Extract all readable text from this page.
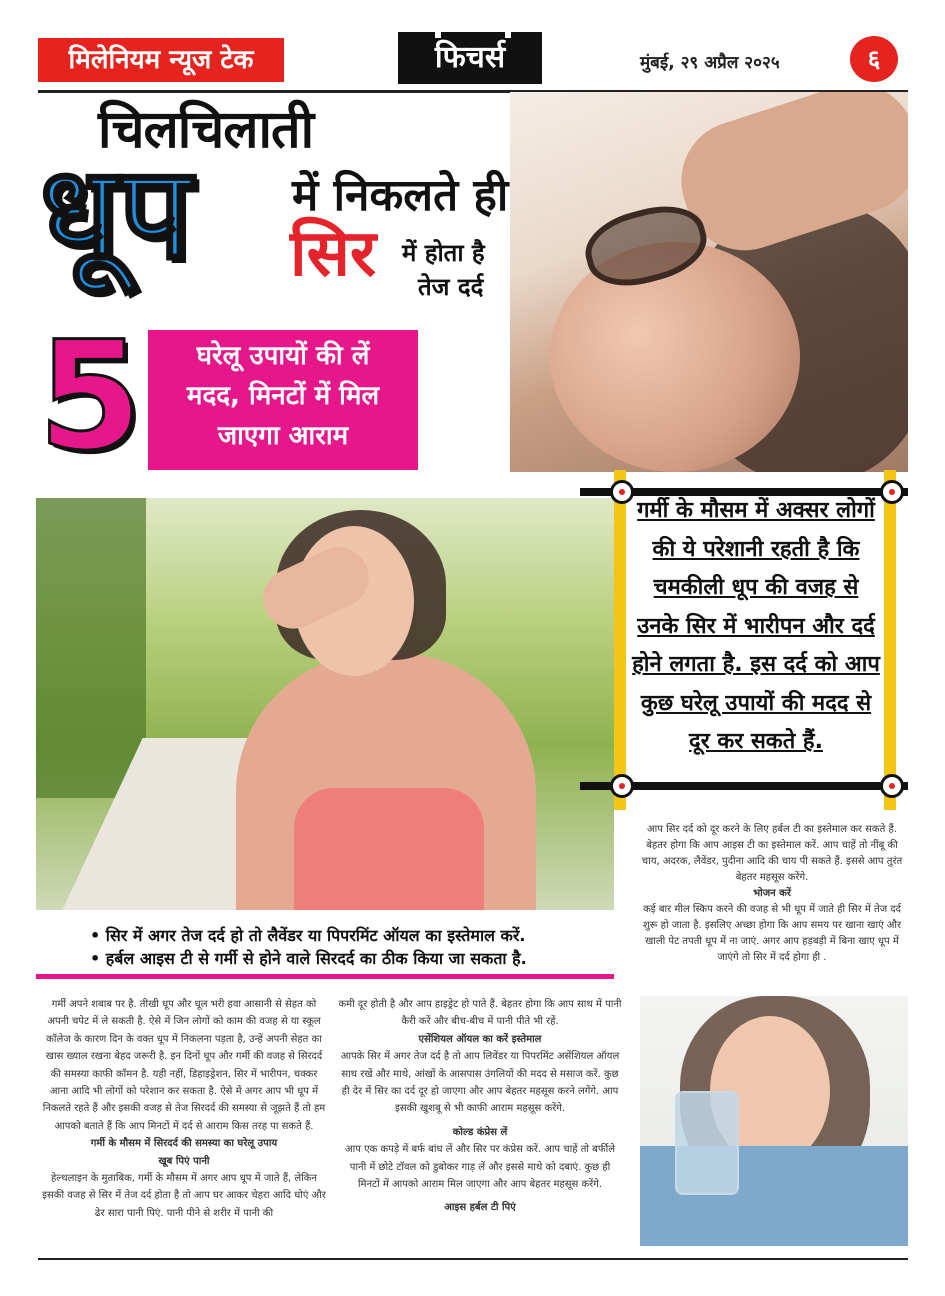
मिलेनियम न्यूज टेक	फिचर्स	मुंबई, २९ अप्रैल २०२५	६
चिलचिलाती
धूप में निकलते ही
सिर में होता है
तेज दर्द
5	घरेलू उपायों की लें
मदद, मिनटों में मिल
जाएगा आराम
गर्मी के मौसम में अक्सर लोगों की ये परेशानी रहती है कि चमकीली धूप की वजह से उनके सिर में भारीपन और दर्द होने लगता है. इस दर्द को आप कुछ घरेलू उपायों की मदद से दूर कर सकते हैं.

आप सिर दर्द को दूर करने के लिए हर्बल टी का इस्तेमाल कर सकते हैं. बेहतर होगा कि आप आइस टी का इस्तेमाल करें. आप चाहें तो नींबू की चाय, अदरक, लैवेंडर, पुदीना आदि की चाय पी सकते हैं. इससे आप तुरंत बेहतर महसूस करेंगे.

भोजन करें

कई बार मील स्किप करने की वजह से भी धूप में जाते ही सिर में तेज दर्द शुरू हो जाता है. इसलिए अच्छा होगा कि आप समय पर खाना खाएं और खाली पेट तपती धूप में ना जाएं. अगर आप हड़बड़ी में बिना खाए धूप में जाएंगे तो सिर में दर्द होगा ही .

• सिर में अगर तेज दर्द हो तो लैवेंडर या पिपरमिंट ऑयल का इस्तेमाल करें.

• हर्बल आइस टी से गर्मी से होने वाले सिरदर्द का ठीक किया जा सकता है.

गर्मी अपने शबाब पर है. तीखी धूप और धूल भरी हवा आसानी से सेहत को अपनी चपेट में ले सकती है. ऐसे में जिन लोगों को काम की वजह से या स्कूल कॉलेज के कारण दिन के वक्त धूप में निकलना पड़ता है, उन्हें अपनी सेहत का खास ख्याल रखना बेहद जरूरी है. इन दिनों धूप और गर्मी की वजह से सिरदर्द की समस्या काफी कॉमन है. यही नहीं, डिहाइड्रेशन, सिर में भारीपन, चक्कर आना आदि भी लोगों को परेशान कर सकता है. ऐसे में अगर आप भी धूप में निकलते रहते हैं और इसकी वजह से तेज सिरदर्द की समस्या से जूझते हैं तो हम आपको बताते हैं कि आप मिनटों में दर्द से आराम किस तरह पा सकते हैं.

गर्मी के मौसम में सिरदर्द की समस्या का घरेलू उपाय

खूब पिएं पानी

हेल्थलाइन के मुताबिक, गर्मी के मौसम में अगर आप धूप में जाते हैं, लेकिन इसकी वजह से सिर में तेज दर्द होता है तो आप घर आकर चेहरा आदि धोएं और ढेर सारा पानी पिएं. पानी पीने से शरीर में पानी की

कमी दूर होती है और आप हाइड्रेट हो पाते हैं. बेहतर होगा कि आप साथ में पानी कैरी करें और बीच-बीच में पानी पीते भी रहें.

एसेंशियल ऑयल का करें इस्तेमाल

आपके सिर में अगर तेज दर्द है तो आप लिवेंडर या पिपरमिंट असेंशियल ऑयल साथ रखें और माथे, आंखों के आसपास उंगलियों की मदद से मसाज करें. कुछ ही देर में सिर का दर्द दूर हो जाएगा और आप बेहतर महसूस करने लगेंगे. आप इसकी खुशबू से भी काफी आराम महसूस करेंगे.

कोल्ड कंप्रेस लें

आप एक कपड़े में बर्फ बांध लें और सिर पर कंप्रेस करें. आप चाहें तो बर्फीले पानी में छोटे टॉवल को डुबोकर गाड़ लें और इससे माथे को दबाएं. कुछ ही मिनटों में आपको आराम मिल जाएगा और आप बेहतर महसूस करेंगे.

आइस हर्बल टी पिएं
